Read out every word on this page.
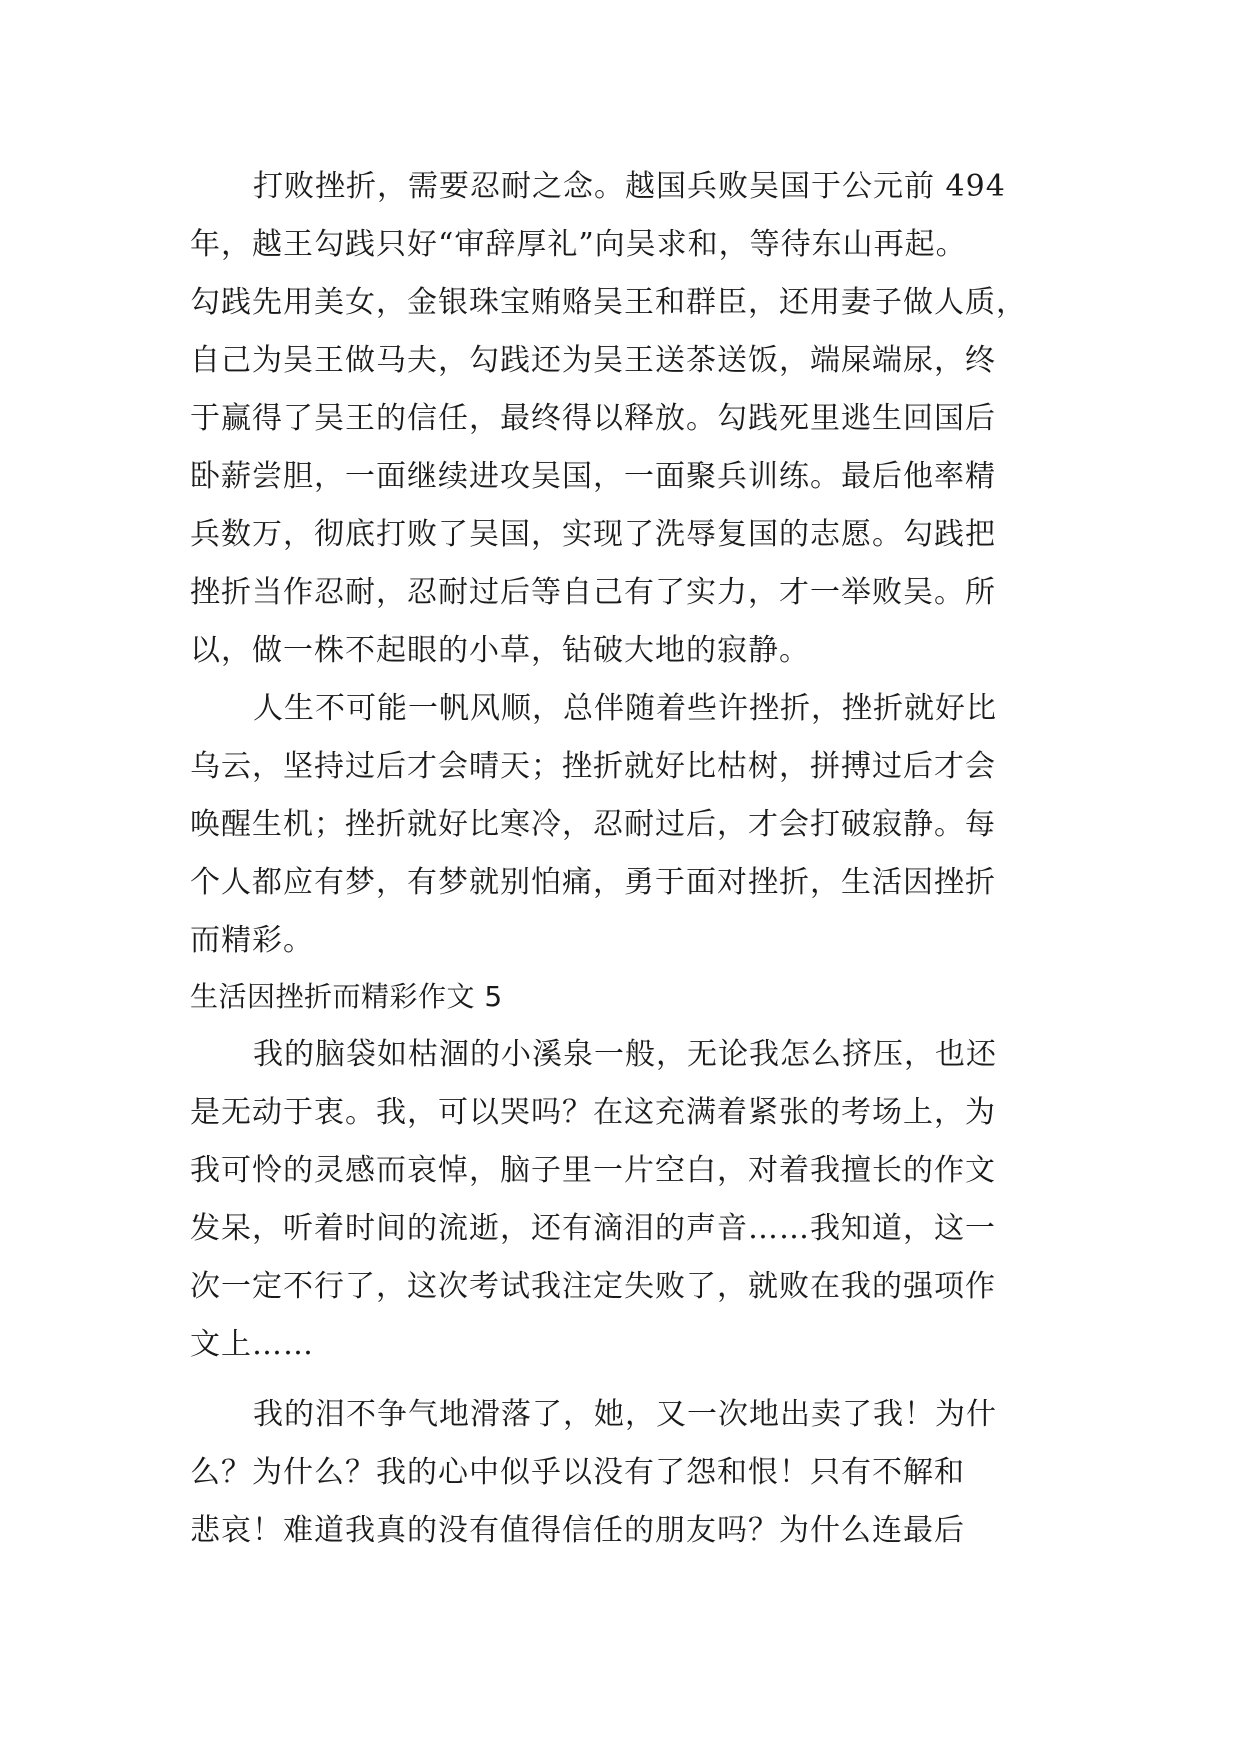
打败挫折，需要忍耐之念。越国兵败吴国于公元前 494
年，越王勾践只好“审辞厚礼”向吴求和，等待东山再起。
勾践先用美女，金银珠宝贿赂吴王和群臣，还用妻子做人质，
自己为吴王做马夫，勾践还为吴王送茶送饭，端屎端尿，终
于赢得了吴王的信任，最终得以释放。勾践死里逃生回国后
卧薪尝胆，一面继续进攻吴国，一面聚兵训练。最后他率精
兵数万，彻底打败了吴国，实现了洗辱复国的志愿。勾践把
挫折当作忍耐，忍耐过后等自己有了实力，才一举败吴。所
以，做一株不起眼的小草，钻破大地的寂静。
人生不可能一帆风顺，总伴随着些许挫折，挫折就好比
乌云，坚持过后才会晴天；挫折就好比枯树，拼搏过后才会
唤醒生机；挫折就好比寒冷，忍耐过后，才会打破寂静。每
个人都应有梦，有梦就别怕痛，勇于面对挫折，生活因挫折
而精彩。
生活因挫折而精彩作文 5
我的脑袋如枯涸的小溪泉一般，无论我怎么挤压，也还
是无动于衷。我，可以哭吗？在这充满着紧张的考场上，为
我可怜的灵感而哀悼，脑子里一片空白，对着我擅长的作文
发呆，听着时间的流逝，还有滴泪的声音……我知道，这一
次一定不行了，这次考试我注定失败了，就败在我的强项作
文上……
我的泪不争气地滑落了，她，又一次地出卖了我！为什
么？为什么？我的心中似乎以没有了怨和恨！只有不解和
悲哀！难道我真的没有值得信任的朋友吗？为什么连最后
